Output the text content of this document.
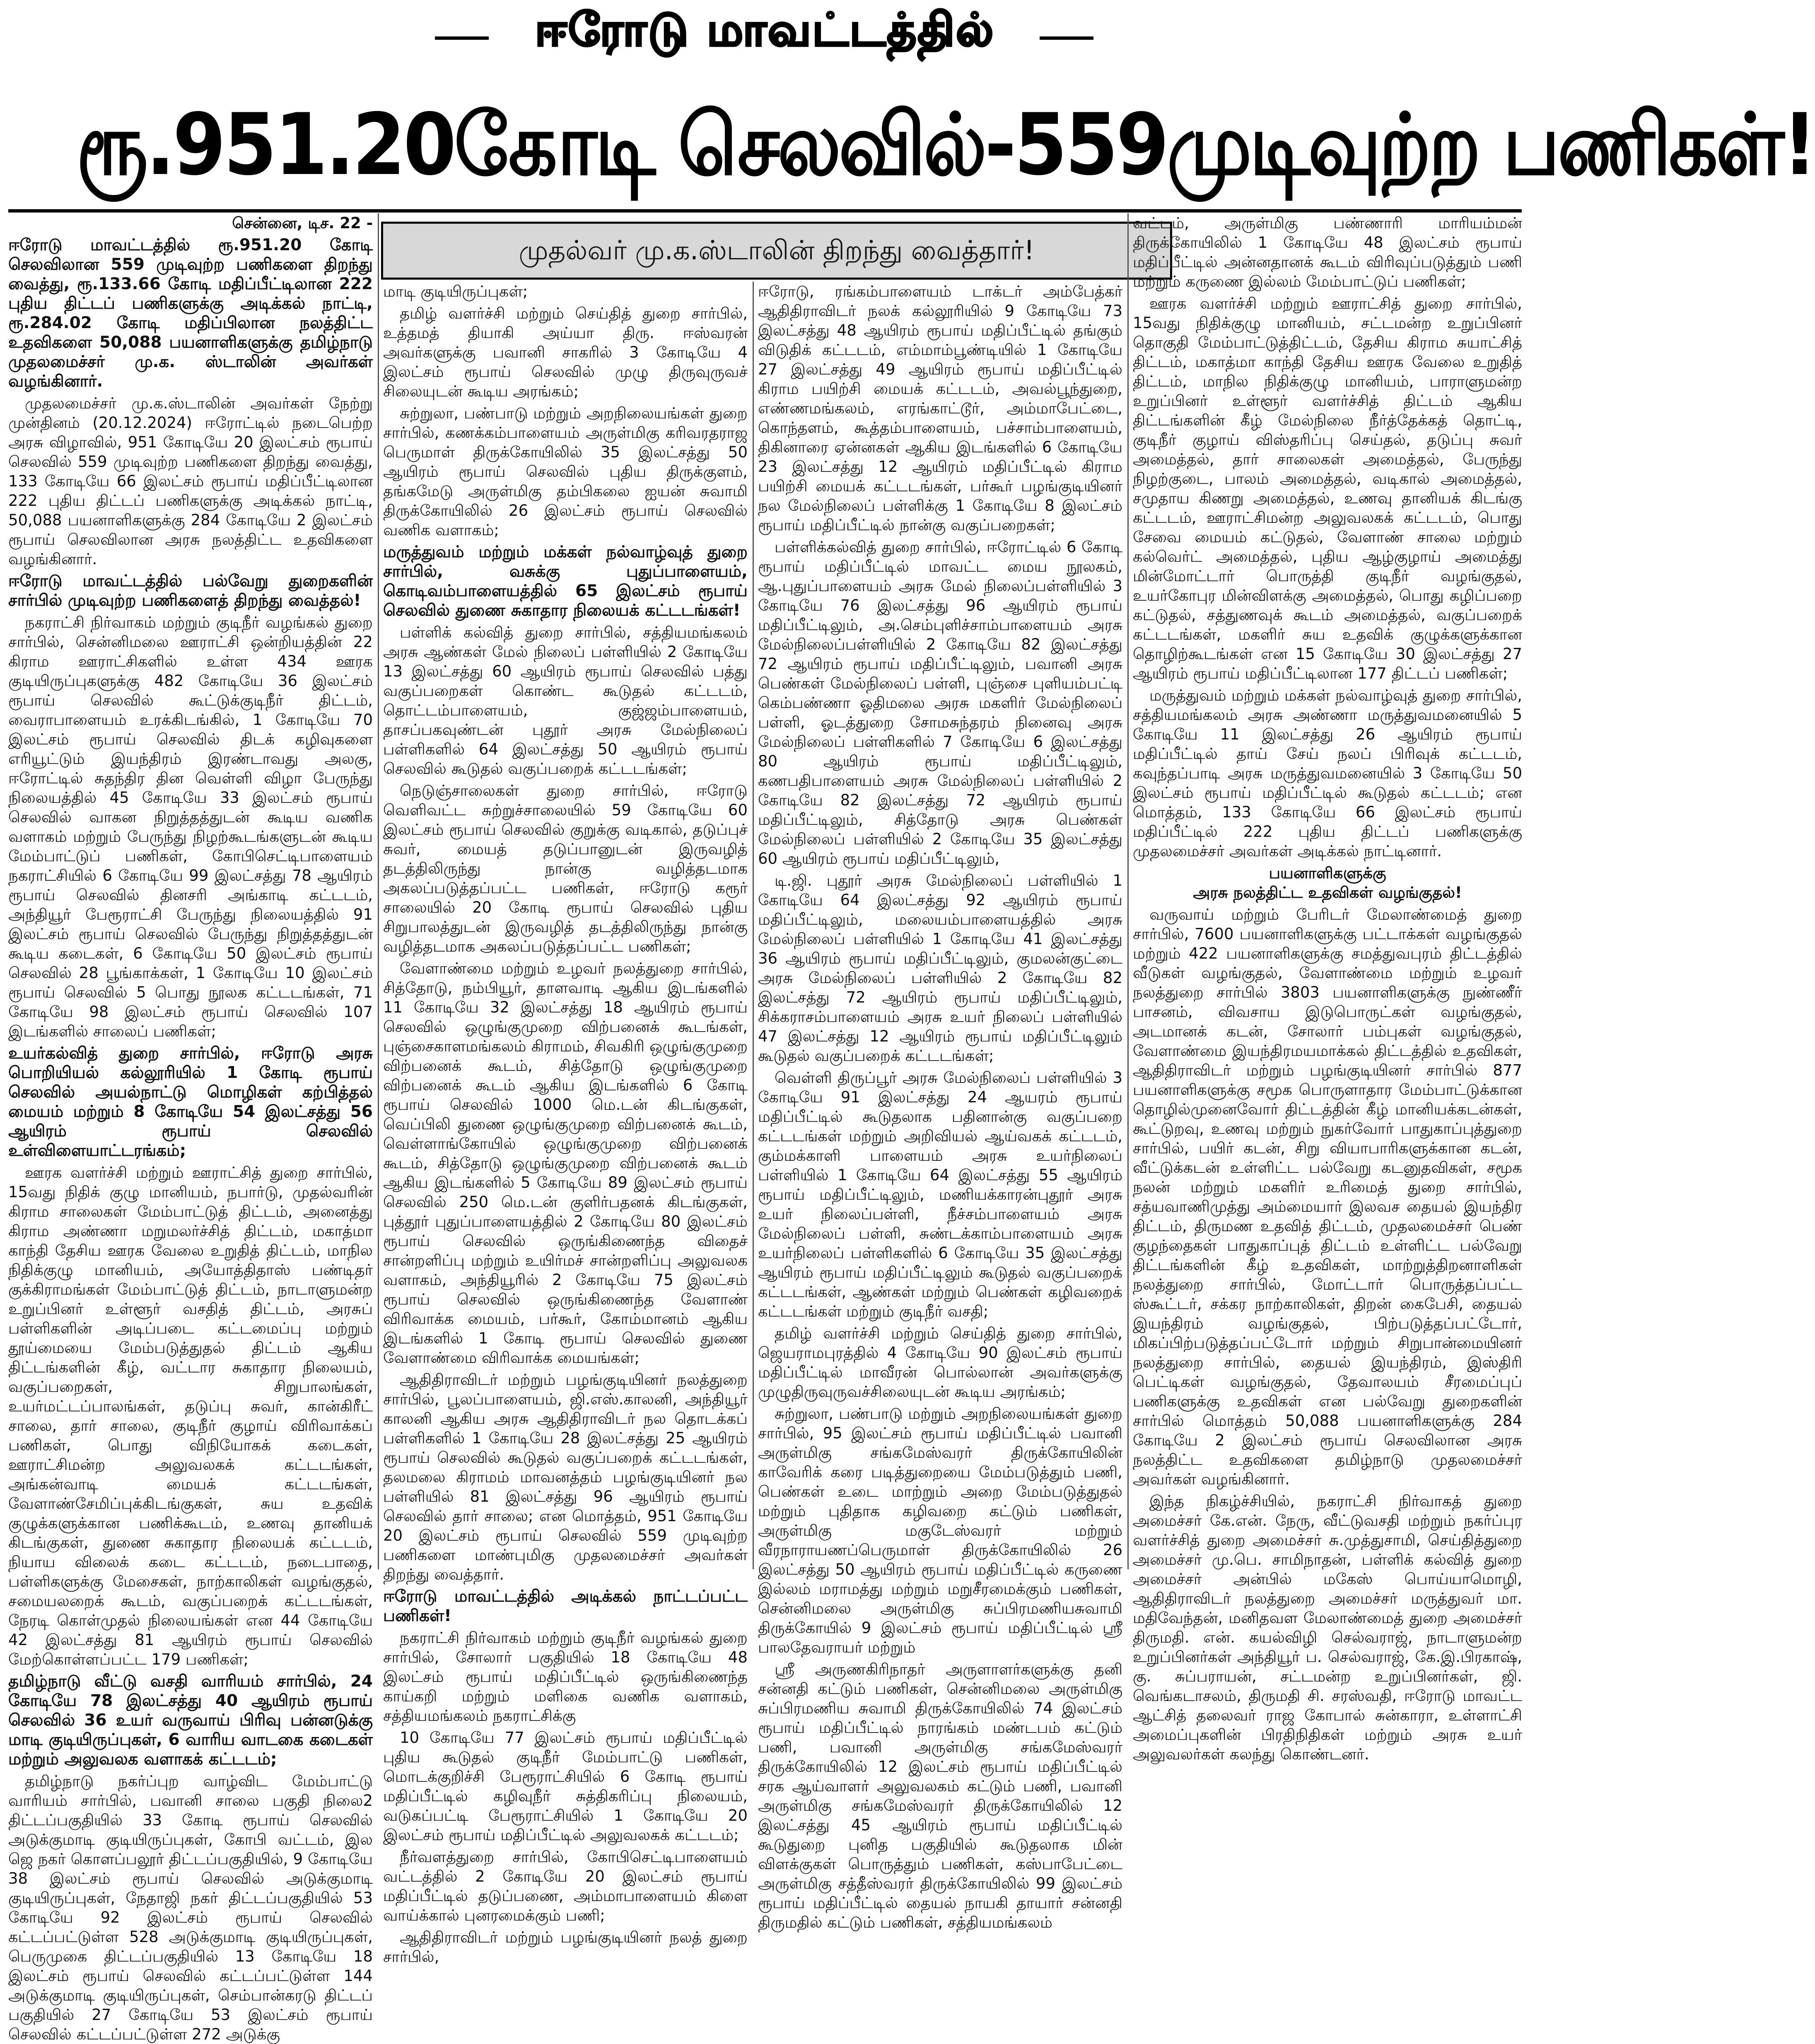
ஈரோடு மாவட்டத்தில்
ரூ.951.20கோடி செலவில்-559முடிவுற்ற பணிகள்!
முதல்வர் மு.க.ஸ்டாலின் திறந்து வைத்தார்!

சென்னை, டிச. 22 -

ஈரோடு மாவட்டத்தில் ரூ.951.20 கோடி செலவிலான 559 முடிவுற்ற பணிகளை திறந்து வைத்து, ரூ.133.66 கோடி மதிப்பீட்டிலான 222 புதிய திட்டப் பணிகளுக்கு அடிக்கல் நாட்டி, ரூ.284.02 கோடி மதிப்பிலான நலத்திட்ட உதவிகளை 50,088 பயனாளிகளுக்கு தமிழ்நாடு முதலமைச்சர் மு.க. ஸ்டாலின் அவர்கள் வழங்கினார்.

முதலமைச்சர் மு.க.ஸ்டாலின் அவர்கள் நேற்று முன்தினம் (20.12.2024) ஈரோட்டில் நடைபெற்ற அரசு விழாவில், 951 கோடியே 20 இலட்சம் ரூபாய் செலவில் 559 முடிவுற்ற பணிகளை திறந்து வைத்து, 133 கோடியே 66 இலட்சம் ரூபாய் மதிப்பீட்டிலான 222 புதிய திட்டப் பணிகளுக்கு அடிக்கல் நாட்டி, 50,088 பயனாளிகளுக்கு 284 கோடியே 2 இலட்சம் ரூபாய் செலவிலான அரசு நலத்திட்ட உதவிகளை வழங்கினார்.

ஈரோடு மாவட்டத்தில் பல்வேறு துறைகளின் சார்பில் முடிவுற்ற பணிகளைத் திறந்து வைத்தல்!

நகராட்சி நிர்வாகம் மற்றும் குடிநீர் வழங்கல் துறை சார்பில், சென்னிமலை ஊராட்சி ஒன்றியத்தின் 22 கிராம ஊராட்சிகளில் உள்ள 434 ஊரக குடியிருப்புகளுக்கு 482 கோடியே 36 இலட்சம் ரூபாய் செலவில் கூட்டுக்குடிநீர் திட்டம், வைராபாளையம் உரக்கிடங்கில், 1 கோடியே 70 இலட்சம் ரூபாய் செலவில் திடக் கழிவுகளை எரியூட்டும் இயந்திரம் இரண்டாவது அலகு, ஈரோட்டில் சுதந்திர தின வெள்ளி விழா பேருந்து நிலையத்தில் 45 கோடியே 33 இலட்சம் ரூபாய் செலவில் வாகன நிறுத்தத்துடன் கூடிய வணிக வளாகம் மற்றும் பேருந்து நிழற்கூடங்களுடன் கூடிய மேம்பாட்டுப் பணிகள், கோபிசெட்டிபாளையம் நகராட்சியில் 6 கோடியே 99 இலட்சத்து 78 ஆயிரம் ரூபாய் செலவில் தினசரி அங்காடி கட்டடம், அந்தியூர் பேரூராட்சி பேருந்து நிலையத்தில் 91 இலட்சம் ரூபாய் செலவில் பேருந்து நிறுத்தத்துடன் கூடிய கடைகள், 6 கோடியே 50 இலட்சம் ரூபாய் செலவில் 28 பூங்காக்கள், 1 கோடியே 10 இலட்சம் ரூபாய் செலவில் 5 பொது நூலக கட்டடங்கள், 71 கோடியே 98 இலட்சம் ரூபாய் செலவில் 107 இடங்களில் சாலைப் பணிகள்;

உயர்கல்வித் துறை சார்பில், ஈரோடு அரசு பொறியியல் கல்லூரியில் 1 கோடி ரூபாய் செலவில் அயல்நாட்டு மொழிகள் கற்பித்தல் மையம் மற்றும் 8 கோடியே 54 இலட்சத்து 56 ஆயிரம் ரூபாய் செலவில் உள்விளையாட்டரங்கம்;

ஊரக வளர்ச்சி மற்றும் ஊராட்சித் துறை சார்பில், 15வது நிதிக் குழு மானியம், நபார்டு, முதல்வரின் கிராம சாலைகள் மேம்பாட்டுத் திட்டம், அனைத்து கிராம அண்ணா மறுமலர்ச்சித் திட்டம், மகாத்மா காந்தி தேசிய ஊரக வேலை உறுதித் திட்டம், மாநில நிதிக்குழு மானியம், அயோத்திதாஸ் பண்டிதர் குக்கிராமங்கள் மேம்பாட்டுத் திட்டம், நாடாளுமன்ற உறுப்பினர் உள்ளூர் வசதித் திட்டம், அரசுப் பள்ளிகளின் அடிப்படை கட்டமைப்பு மற்றும் தூய்மையை மேம்படுத்துதல் திட்டம் ஆகிய திட்டங்களின் கீழ், வட்டார சுகாதார நிலையம், வகுப்பறைகள், சிறுபாலங்கள், உயர்மட்டப்பாலங்கள், தடுப்பு சுவர், கான்கிரீட் சாலை, தார் சாலை, குடிநீர் குழாய் விரிவாக்கப் பணிகள், பொது விநியோகக் கடைகள், ஊராட்சிமன்ற அலுவலகக் கட்டடங்கள், அங்கன்வாடி மையக் கட்டடங்கள், வேளாண்சேமிப்புக்கிடங்குகள், சுய உதவிக் குழுக்களுக்கான பணிக்கூடம், உணவு தானியக் கிடங்குகள், துணை சுகாதார நிலையக் கட்டடம், நியாய விலைக் கடை கட்டடம், நடைபாதை, பள்ளிகளுக்கு மேசைகள், நாற்காலிகள் வழங்குதல், சமையலறைக் கூடம், வகுப்பறைக் கட்டடங்கள், நேரடி கொள்முதல் நிலையங்கள் என 44 கோடியே 42 இலட்சத்து 81 ஆயிரம் ரூபாய் செலவில் மேற்கொள்ளப்பட்ட 179 பணிகள்;

தமிழ்நாடு வீட்டு வசதி வாரியம் சார்பில், 24 கோடியே 78 இலட்சத்து 40 ஆயிரம் ரூபாய் செலவில் 36 உயர் வருவாய் பிரிவு பன்னடுக்கு மாடி குடியிருப்புகள், 6 வாரிய வாடகை கடைகள் மற்றும் அலுவலக வளாகக் கட்டடம்;

தமிழ்நாடு நகர்ப்புற வாழ்விட மேம்பாட்டு வாரியம் சார்பில், பவானி சாலை பகுதி நிலை2 திட்டப்பகுதியில் 33 கோடி ரூபாய் செலவில் அடுக்குமாடி குடியிருப்புகள், கோபி வட்டம், இல ஜெ நகர் கொளப்பலூர் திட்டப்பகுதியில், 9 கோடியே 38 இலட்சம் ரூபாய் செலவில் அடுக்குமாடி குடியிருப்புகள், நேதாஜி நகர் திட்டப்பகுதியில் 53 கோடியே 92 இலட்சம் ரூபாய் செலவில் கட்டப்பட்டுள்ள 528 அடுக்குமாடி குடியிருப்புகள், பெருமுகை திட்டப்பகுதியில் 13 கோடியே 18 இலட்சம் ரூபாய் செலவில் கட்டப்பட்டுள்ள 144 அடுக்குமாடி குடியிருப்புகள், செம்பான்கரடு திட்டப் பகுதியில் 27 கோடியே 53 இலட்சம் ரூபாய் செலவில் கட்டப்பட்டுள்ள 272 அடுக்கு

மாடி குடியிருப்புகள்;

தமிழ் வளர்ச்சி மற்றும் செய்தித் துறை சார்பில், உத்தமத் தியாகி அய்யா திரு. ஈஸ்வரன் அவர்களுக்கு பவானி சாகரில் 3 கோடியே 4 இலட்சம் ரூபாய் செலவில் முழு திருவுருவச் சிலையுடன் கூடிய அரங்கம்;

சுற்றுலா, பண்பாடு மற்றும் அறநிலையங்கள் துறை சார்பில், கணக்கம்பாளையம் அருள்மிகு கரிவரதராஜ பெருமாள் திருக்கோயிலில் 35 இலட்சத்து 50 ஆயிரம் ரூபாய் செலவில் புதிய திருக்குளம், தங்கமேடு அருள்மிகு தம்பிகலை ஐயன் சுவாமி திருக்கோயிலில் 26 இலட்சம் ரூபாய் செலவில் வணிக வளாகம்;

மருத்துவம் மற்றும் மக்கள் நல்வாழ்வுத் துறை சார்பில், வசுக்கு புதுப்பாளையம், கொடிவம்பாளையத்தில் 65 இலட்சம் ரூபாய் செலவில் துணை சுகாதார நிலையக் கட்டடங்கள்!

பள்ளிக் கல்வித் துறை சார்பில், சத்தியமங்கலம் அரசு ஆண்கள் மேல் நிலைப் பள்ளியில் 2 கோடியே 13 இலட்சத்து 60 ஆயிரம் ரூபாய் செலவில் பத்து வகுப்பறைகள் கொண்ட கூடுதல் கட்டடம், தொட்டம்பாளையம், குஜ்ஜம்பாளையம், தாசப்பகவுண்டன் புதூர் அரசு மேல்நிலைப் பள்ளிகளில் 64 இலட்சத்து 50 ஆயிரம் ரூபாய் செலவில் கூடுதல் வகுப்பறைக் கட்டடங்கள்;

நெடுஞ்சாலைகள் துறை சார்பில், ஈரோடு வெளிவட்ட சுற்றுச்சாலையில் 59 கோடியே 60 இலட்சம் ரூபாய் செலவில் குறுக்கு வடிகால், தடுப்புச் சுவர், மையத் தடுப்பானுடன் இருவழித் தடத்திலிருந்து நான்கு வழித்தடமாக அகலப்படுத்தப்பட்ட பணிகள், ஈரோடு கரூர் சாலையில் 20 கோடி ரூபாய் செலவில் புதிய சிறுபாலத்துடன் இருவழித் தடத்திலிருந்து நான்கு வழித்தடமாக அகலப்படுத்தப்பட்ட பணிகள்;

வேளாண்மை மற்றும் உழவர் நலத்துறை சார்பில், சித்தோடு, நம்பியூர், தாளவாடி ஆகிய இடங்களில் 11 கோடியே 32 இலட்சத்து 18 ஆயிரம் ரூபாய் செலவில் ஒழுங்குமுறை விற்பனைக் கூடங்கள், புஞ்சைகாளமங்கலம் கிராமம், சிவகிரி ஒழுங்குமுறை விற்பனைக் கூடம், சித்தோடு ஒழுங்குமுறை விற்பனைக் கூடம் ஆகிய இடங்களில் 6 கோடி ரூபாய் செலவில் 1000 மெ.டன் கிடங்குகள், வெப்பிலி துணை ஒழுங்குமுறை விற்பனைக் கூடம், வெள்ளாங்கோயில் ஒழுங்குமுறை விற்பனைக் கூடம், சித்தோடு ஒழுங்குமுறை விற்பனைக் கூடம் ஆகிய இடங்களில் 5 கோடியே 89 இலட்சம் ரூபாய் செலவில் 250 மெ.டன் குளிர்பதனக் கிடங்குகள், புத்தூர் புதுப்பாளையத்தில் 2 கோடியே 80 இலட்சம் ரூபாய் செலவில் ஒருங்கிணைந்த விதைச் சான்றளிப்பு மற்றும் உயிர்மச் சான்றளிப்பு அலுவலக வளாகம், அந்தியூரில் 2 கோடியே 75 இலட்சம் ரூபாய் செலவில் ஒருங்கிணைந்த வேளாண் விரிவாக்க மையம், பர்கூர், கோம்மானம் ஆகிய இடங்களில் 1 கோடி ரூபாய் செலவில் துணை வேளாண்மை விரிவாக்க மையங்கள்;

ஆதிதிராவிடர் மற்றும் பழங்குடியினர் நலத்துறை சார்பில், பூலப்பாளையம், ஜி.எஸ்.காலனி, அந்தியூர் காலனி ஆகிய அரசு ஆதிதிராவிடர் நல தொடக்கப் பள்ளிகளில் 1 கோடியே 28 இலட்சத்து 25 ஆயிரம் ரூபாய் செலவில் கூடுதல் வகுப்பறைக் கட்டடங்கள், தலமலை கிராமம் மாவனத்தம் பழங்குடியினர் நல பள்ளியில் 81 இலட்சத்து 96 ஆயிரம் ரூபாய் செலவில் தார் சாலை; என மொத்தம், 951 கோடியே 20 இலட்சம் ரூபாய் செலவில் 559 முடிவுற்ற பணிகளை மாண்புமிகு முதலமைச்சர் அவர்கள் திறந்து வைத்தார்.

ஈரோடு மாவட்டத்தில் அடிக்கல் நாட்டப்பட்ட பணிகள்!

நகராட்சி நிர்வாகம் மற்றும் குடிநீர் வழங்கல் துறை சார்பில், சோலார் பகுதியில் 18 கோடியே 48 இலட்சம் ரூபாய் மதிப்பீட்டில் ஒருங்கிணைந்த காய்கறி மற்றும் மளிகை வணிக வளாகம், சத்தியமங்கலம் நகராட்சிக்கு

10 கோடியே 77 இலட்சம் ரூபாய் மதிப்பீட்டில் புதிய கூடுதல் குடிநீர் மேம்பாட்டு பணிகள், மொடக்குறிச்சி பேரூராட்சியில் 6 கோடி ரூபாய் மதிப்பீட்டில் கழிவுநீர் சுத்திகரிப்பு நிலையம், வடுகப்பட்டி பேரூராட்சியில் 1 கோடியே 20 இலட்சம் ரூபாய் மதிப்பீட்டில் அலுவலகக் கட்டடம்;

நீர்வளத்துறை சார்பில், கோபிசெட்டிபாளையம் வட்டத்தில் 2 கோடியே 20 இலட்சம் ரூபாய் மதிப்பீட்டில் தடுப்பணை, அம்மாபாளையம் கிளை வாய்க்கால் புனரமைக்கும் பணி;

ஆதிதிராவிடர் மற்றும் பழங்குடியினர் நலத் துறை சார்பில்,

ஈரோடு, ரங்கம்பாளையம் டாக்டர் அம்பேத்கர் ஆதிதிராவிடர் நலக் கல்லூரியில் 9 கோடியே 73 இலட்சத்து 48 ஆயிரம் ரூபாய் மதிப்பீட்டில் தங்கும் விடுதிக் கட்டடம், எம்மாம்பூண்டியில் 1 கோடியே 27 இலட்சத்து 49 ஆயிரம் ரூபாய் மதிப்பீட்டில் கிராம பயிற்சி மையக் கட்டடம், அவல்பூந்துறை, எண்ணமங்கலம், எரங்காட்டூர், அம்மாபேட்டை, கொந்தளம், கூத்தம்பாளையம், பச்சாம்பாளையம், திகினாரை ஏன்னகள் ஆகிய இடங்களில் 6 கோடியே 23 இலட்சத்து 12 ஆயிரம் மதிப்பீட்டில் கிராம பயிற்சி மையக் கட்டடங்கள், பர்கூர் பழங்குடியினர் நல மேல்நிலைப் பள்ளிக்கு 1 கோடியே 8 இலட்சம் ரூபாய் மதிப்பீட்டில் நான்கு வகுப்பறைகள்;

பள்ளிக்கல்வித் துறை சார்பில், ஈரோட்டில் 6 கோடி ரூபாய் மதிப்பீட்டில் மாவட்ட மைய நூலகம், ஆ.புதுப்பாளையம் அரசு மேல் நிலைப்பள்ளியில் 3 கோடியே 76 இலட்சத்து 96 ஆயிரம் ரூபாய் மதிப்பீட்டிலும், அ.செம்புளிச்சாம்பாளையம் அரசு மேல்நிலைப்பள்ளியில் 2 கோடியே 82 இலட்சத்து 72 ஆயிரம் ரூபாய் மதிப்பீட்டிலும், பவானி அரசு பெண்கள் மேல்நிலைப் பள்ளி, புஞ்சை புளியம்பட்டி கெம்பண்ணா ஓதிமலை அரசு மகளிர் மேல்நிலைப் பள்ளி, ஓடத்துறை சோமசுந்தரம் நினைவு அரசு மேல்நிலைப் பள்ளிகளில் 7 கோடியே 6 இலட்சத்து 80 ஆயிரம் ரூபாய் மதிப்பீட்டிலும், கணபதிபாளையம் அரசு மேல்நிலைப் பள்ளியில் 2 கோடியே 82 இலட்சத்து 72 ஆயிரம் ரூபாய் மதிப்பீட்டிலும், சித்தோடு அரசு பெண்கள் மேல்நிலைப் பள்ளியில் 2 கோடியே 35 இலட்சத்து 60 ஆயிரம் ரூபாய் மதிப்பீட்டிலும்,

டி.ஜி. புதூர் அரசு மேல்நிலைப் பள்ளியில் 1 கோடியே 64 இலட்சத்து 92 ஆயிரம் ரூபாய் மதிப்பீட்டிலும், மலையம்பாளையத்தில் அரசு மேல்நிலைப் பள்ளியில் 1 கோடியே 41 இலட்சத்து 36 ஆயிரம் ரூபாய் மதிப்பீட்டிலும், குமலன்குட்டை அரசு மேல்நிலைப் பள்ளியில் 2 கோடியே 82 இலட்சத்து 72 ஆயிரம் ரூபாய் மதிப்பீட்டிலும், சிக்கராசம்பாளையம் அரசு உயர் நிலைப் பள்ளியில் 47 இலட்சத்து 12 ஆயிரம் ரூபாய் மதிப்பீட்டிலும் கூடுதல் வகுப்பறைக் கட்டடங்கள்;

வெள்ளி திருப்பூர் அரசு மேல்நிலைப் பள்ளியில் 3 கோடியே 91 இலட்சத்து 24 ஆயரம் ரூபாய் மதிப்பீட்டில் கூடுதலாக பதினான்கு வகுப்பறை கட்டடங்கள் மற்றும் அறிவியல் ஆய்வகக் கட்டடம், கும்மக்காளி பாளையம் அரசு உயர்நிலைப் பள்ளியில் 1 கோடியே 64 இலட்சத்து 55 ஆயிரம் ரூபாய் மதிப்பீட்டிலும், மணியக்காரன்புதூர் அரசு உயர் நிலைப்பள்ளி, நீச்சம்பாளையம் அரசு மேல்நிலைப் பள்ளி, சுண்டக்காம்பாளையம் அரசு உயர்நிலைப் பள்ளிகளில் 6 கோடியே 35 இலட்சத்து ஆயிரம் ரூபாய் மதிப்பீட்டிலும் கூடுதல் வகுப்பறைக் கட்டடங்கள், ஆண்கள் மற்றும் பெண்கள் கழிவறைக் கட்டடங்கள் மற்றும் குடிநீர் வசதி;

தமிழ் வளர்ச்சி மற்றும் செய்தித் துறை சார்பில், ஜெயராமபுரத்தில் 4 கோடியே 90 இலட்சம் ரூபாய் மதிப்பீட்டில் மாவீரன் பொல்லான் அவர்களுக்கு முழுதிருவுருவச்சிலையுடன் கூடிய அரங்கம்;

சுற்றுலா, பண்பாடு மற்றும் அறநிலையங்கள் துறை சார்பில், 95 இலட்சம் ரூபாய் மதிப்பீட்டில் பவானி அருள்மிகு சங்கமேஸ்வரர் திருக்கோயிலின் காவேரிக் கரை படித்துறையை மேம்படுத்தும் பணி, பெண்கள் உடை மாற்றும் அறை மேம்படுத்துதல் மற்றும் புதிதாக கழிவறை கட்டும் பணிகள், அருள்மிகு மகுடேஸ்வரர் மற்றும் வீரநாராயணப்பெருமாள் திருக்கோயிலில் 26 இலட்சத்து 50 ஆயிரம் ரூபாய் மதிப்பீட்டில் கருணை இல்லம் மராமத்து மற்றும் மறுசீரமைக்கும் பணிகள், சென்னிமலை அருள்மிகு சுப்பிரமணியசுவாமி திருக்கோயில் 9 இலட்சம் ரூபாய் மதிப்பீட்டில் ஸ்ரீ பாலதேவராயர் மற்றும்

ஸ்ரீ அருணகிரிநாதர் அருளாளர்களுக்கு தனி சன்னதி கட்டும் பணிகள், சென்னிமலை அருள்மிகு சுப்பிரமணிய சுவாமி திருக்கோயிலில் 74 இலட்சம் ரூபாய் மதிப்பீட்டில் நாரங்கம் மண்டபம் கட்டும் பணி, பவானி அருள்மிகு சங்கமேஸ்வரர் திருக்கோயிலில் 12 இலட்சம் ரூபாய் மதிப்பீட்டில் சரக ஆய்வாளர் அலுவலகம் கட்டும் பணி, பவானி அருள்மிகு சங்கமேஸ்வரர் திருக்கோயிலில் 12 இலட்சத்து 45 ஆயிரம் ரூபாய் மதிப்பீட்டில் கூடுதுறை புனித பகுதியில் கூடுதலாக மின் விளக்குகள் பொருத்தும் பணிகள், கஸ்பாபேட்டை அருள்மிகு சத்தீஸ்வரர் திருக்கோயிலில் 99 இலட்சம் ரூபாய் மதிப்பீட்டில் தையல் நாயகி தாயார் சன்னதி திருமதில் கட்டும் பணிகள், சத்தியமங்கலம்

வட்டம், அருள்மிகு பண்ணாரி மாரியம்மன் திருக்கோயிலில் 1 கோடியே 48 இலட்சம் ரூபாய் மதிப்பீட்டில் அன்னதானக் கூடம் விரிவுப்படுத்தும் பணி மற்றும் கருணை இல்லம் மேம்பாட்டுப் பணிகள்;

ஊரக வளர்ச்சி மற்றும் ஊராட்சித் துறை சார்பில், 15வது நிதிக்குழு மானியம், சட்டமன்ற உறுப்பினர் தொகுதி மேம்பாட்டுத்திட்டம், தேசிய கிராம சுயாட்சித் திட்டம், மகாத்மா காந்தி தேசிய ஊரக வேலை உறுதித் திட்டம், மாநில நிதிக்குழு மானியம், பாராளுமன்ற உறுப்பினர் உள்ளூர் வளர்ச்சித் திட்டம் ஆகிய திட்டங்களின் கீழ் மேல்நிலை நீர்த்தேக்கத் தொட்டி, குடிநீர் குழாய் விஸ்தரிப்பு செய்தல், தடுப்பு சுவர் அமைத்தல், தார் சாலைகள் அமைத்தல், பேருந்து நிழற்குடை, பாலம் அமைத்தல், வடிகால் அமைத்தல், சமுதாய கிணறு அமைத்தல், உணவு தானியக் கிடங்கு கட்டடம், ஊராட்சிமன்ற அலுவலகக் கட்டடம், பொது சேவை மையம் கட்டுதல், வேளாண் சாலை மற்றும் கல்வெர்ட் அமைத்தல், புதிய ஆழ்குழாய் அமைத்து மின்மோட்டார் பொருத்தி குடிநீர் வழங்குதல், உயர்கோபுர மின்விளக்கு அமைத்தல், பொது கழிப்பறை கட்டுதல், சத்துணவுக் கூடம் அமைத்தல், வகுப்பறைக் கட்டடங்கள், மகளிர் சுய உதவிக் குழுக்களுக்கான தொழிற்கூடங்கள் என 15 கோடியே 30 இலட்சத்து 27 ஆயிரம் ரூபாய் மதிப்பீட்டிலான 177 திட்டப் பணிகள்;

மருத்துவம் மற்றும் மக்கள் நல்வாழ்வுத் துறை சார்பில், சத்தியமங்கலம் அரசு அண்ணா மருத்துவமனையில் 5 கோடியே 11 இலட்சத்து 26 ஆயிரம் ரூபாய் மதிப்பீட்டில் தாய் சேய் நலப் பிரிவுக் கட்டடம், கவுந்தப்பாடி அரசு மருத்துவமனையில் 3 கோடியே 50 இலட்சம் ரூபாய் மதிப்பீட்டில் கூடுதல் கட்டடம்; என மொத்தம், 133 கோடியே 66 இலட்சம் ரூபாய் மதிப்பீட்டில் 222 புதிய திட்டப் பணிகளுக்கு முதலமைச்சர் அவர்கள் அடிக்கல் நாட்டினார்.

பயனாளிகளுக்கு

அரசு நலத்திட்ட உதவிகள் வழங்குதல்!

வருவாய் மற்றும் பேரிடர் மேலாண்மைத் துறை சார்பில், 7600 பயனாளிகளுக்கு பட்டாக்கள் வழங்குதல் மற்றும் 422 பயனாளிகளுக்கு சமத்துவபுரம் திட்டத்தில் வீடுகள் வழங்குதல், வேளாண்மை மற்றும் உழவர் நலத்துறை சார்பில் 3803 பயனாளிகளுக்கு நுண்ணீர் பாசனம், விவசாய இடுபொருட்கள் வழங்குதல், அடமானக் கடன், சோலார் பம்புகள் வழங்குதல், வேளாண்மை இயந்திரமயமாக்கல் திட்டத்தில் உதவிகள், ஆதிதிராவிடர் மற்றும் பழங்குடியினர் சார்பில் 877 பயனாளிகளுக்கு சமூக பொருளாதார மேம்பாட்டுக்கான தொழில்முனைவோர் திட்டத்தின் கீழ் மானியக்கடன்கள், கூட்டுறவு, உணவு மற்றும் நுகர்வோர் பாதுகாப்புத்துறை சார்பில், பயிர் கடன், சிறு வியாபாரிகளுக்கான கடன், வீட்டுக்கடன் உள்ளிட்ட பல்வேறு கடனுதவிகள், சமூக நலன் மற்றும் மகளிர் உரிமைத் துறை சார்பில், சத்யவாணிமுத்து அம்மையார் இலவச தையல் இயந்திர திட்டம், திருமண உதவித் திட்டம், முதலமைச்சர் பெண் குழந்தைகள் பாதுகாப்புத் திட்டம் உள்ளிட்ட பல்வேறு திட்டங்களின் கீழ் உதவிகள், மாற்றுத்திறனாளிகள் நலத்துறை சார்பில், மோட்டார் பொருத்தப்பட்ட ஸ்கூட்டர், சக்கர நாற்காலிகள், திறன் கைபேசி, தையல் இயந்திரம் வழங்குதல், பிற்படுத்தப்பட்டோர், மிகப்பிற்படுத்தப்பட்டோர் மற்றும் சிறுபான்மையினர் நலத்துறை சார்பில், தையல் இயந்திரம், இஸ்திரி பெட்டிகள் வழங்குதல், தேவாலயம் சீரமைப்புப் பணிகளுக்கு உதவிகள் என பல்வேறு துறைகளின் சார்பில் மொத்தம் 50,088 பயனாளிகளுக்கு 284 கோடியே 2 இலட்சம் ரூபாய் செலவிலான அரசு நலத்திட்ட உதவிகளை தமிழ்நாடு முதலமைச்சர் அவர்கள் வழங்கினார்.

இந்த நிகழ்ச்சியில், நகராட்சி நிர்வாகத் துறை அமைச்சர் கே.என். நேரு, வீட்டுவசதி மற்றும் நகர்ப்புர வளர்ச்சித் துறை அமைச்சர் சு.முத்துசாமி, செய்தித்துறை அமைச்சர் மு.பெ. சாமிநாதன், பள்ளிக் கல்வித் துறை அமைச்சர் அன்பில் மகேஸ் பொய்யாமொழி, ஆதிதிராவிடர் நலத்துறை அமைச்சர் மருத்துவர் மா. மதிவேந்தன், மனிதவள மேலாண்மைத் துறை அமைச்சர் திருமதி. என். கயல்விழி செல்வராஜ், நாடாளுமன்ற உறுப்பினர்கள் அந்தியூர் ப. செல்வராஜ், கே.இ.பிரகாஷ், கு. சுப்பராயன், சட்டமன்ற உறுப்பினர்கள், ஜி. வெங்கடாசலம், திருமதி சி. சரஸ்வதி, ஈரோடு மாவட்ட ஆட்சித் தலைவர் ராஜ கோபால் சுன்காரா, உள்ளாட்சி அமைப்புகளின் பிரதிநிதிகள் மற்றும் அரசு உயர் அலுவலர்கள் கலந்து கொண்டனர்.
